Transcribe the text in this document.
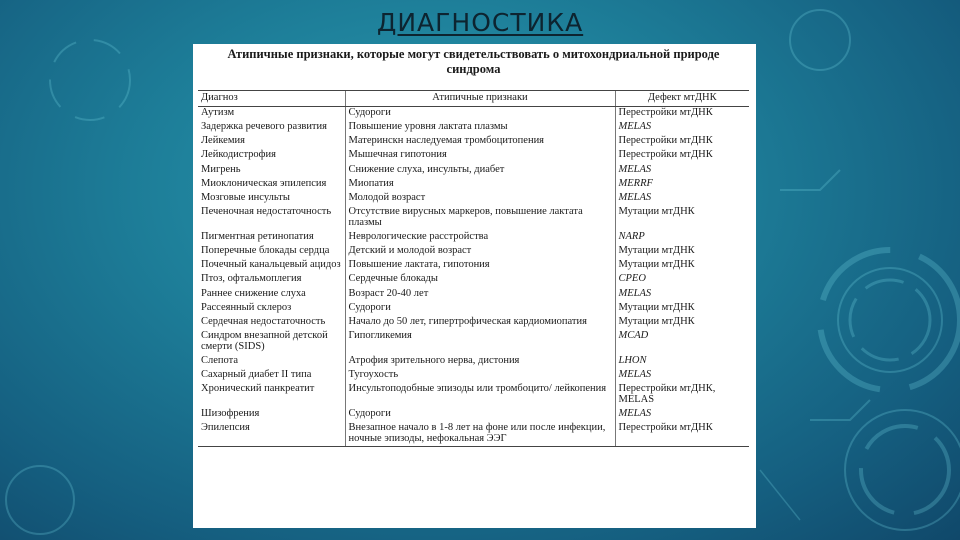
ДИАГНОСТИКА
Атипичные признаки, которые могут свидетельствовать о митохондриальной природе синдрома
Диагноз	Атипичные признаки	Дефект мтДНК
Аутизм	Судороги	Перестройки мтДНК
Задержка речевого развития	Повышение уровня лактата плазмы	MELAS
Лейкемия	Материнскн наследуемая тромбоцитопения	Перестройки мтДНК
Лейкодистрофия	Мышечная гипотония	Перестройки мтДНК
Мигрень	Снижение слуха, инсульты, диабет	MELAS
Миоклоническая эпилепсия	Миопатия	MERRF
Мозговые инсульты	Молодой возраст	MELAS
Печеночная недостаточность	Отсутствие вирусных маркеров, повышение лактата плазмы	Мутации мтДНК
Пигментная ретинопатия	Неврологические расстройства	NARP
Поперечные блокады сердца	Детский и молодой возраст	Мутации мтДНК
Почечный канальцевый ацидоз	Повышение лактата, гипотония	Мутации мтДНК
Птоз, офтальмоплегия	Сердечные блокады	CPEO
Раннее снижение слуха	Возраст 20-40 лет	MELAS
Рассеянный склероз	Судороги	Мутации мтДНК
Сердечная недостаточность	Начало до 50 лет, гипертрофическая кардиомиопатия	Мутации мтДНК
Синдром внезапной детской смерти (SIDS)	Гипогликемия	MCAD
Слепота	Атрофия зрительного нерва, дистония	LHON
Сахарный диабет II типа	Тугоухость	MELAS
Хронический панкреатит	Инсультоподобные эпизоды или тромбоцито/ лейкопения	Перестройки мтДНК, MELAS
Шизофрения	Судороги	MELAS
Эпилепсия	Внезапное начало в 1-8 лет на фоне или после инфекции, ночные эпизоды, нефокальная ЭЭГ	Перестройки мтДНК
